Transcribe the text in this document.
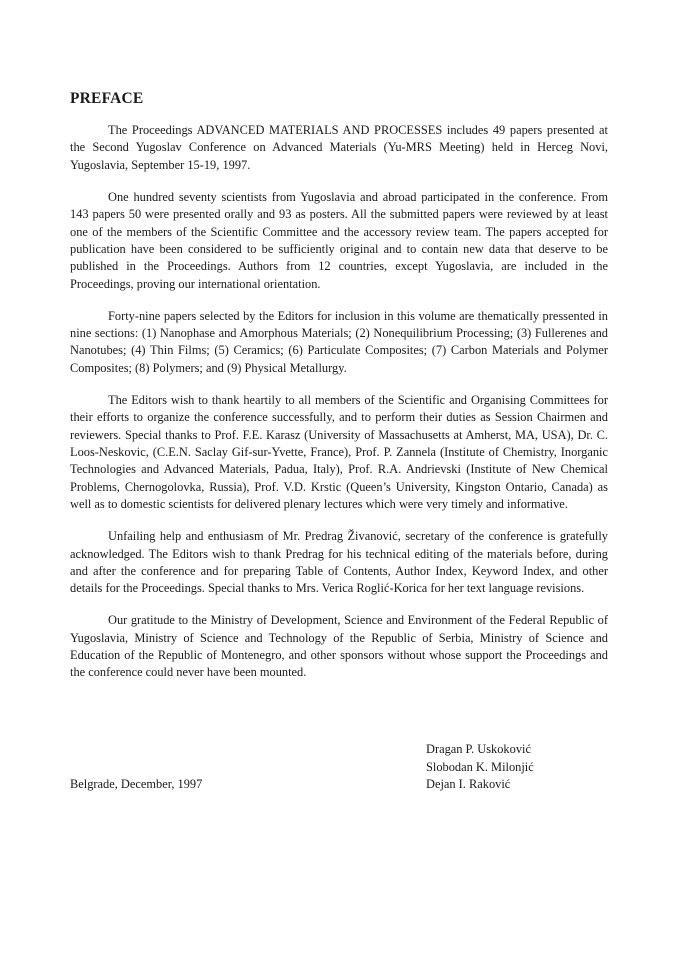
PREFACE

The Proceedings ADVANCED MATERIALS AND PROCESSES includes 49 papers presented at the Second Yugoslav Conference on Advanced Materials (Yu-MRS Meeting) held in Herceg Novi, Yugoslavia, September 15-19, 1997.

One hundred seventy scientists from Yugoslavia and abroad participated in the conference. From 143 papers 50 were presented orally and 93 as posters. All the submitted papers were reviewed by at least one of the members of the Scientific Committee and the accessory review team. The papers accepted for publication have been considered to be sufficiently original and to contain new data that deserve to be published in the Proceedings. Authors from 12 countries, except Yugoslavia, are included in the Proceedings, proving our international orientation.

Forty-nine papers selected by the Editors for inclusion in this volume are thematically pressented in nine sections: (1) Nanophase and Amorphous Materials; (2) Nonequilibrium Processing; (3) Fullerenes and Nanotubes; (4) Thin Films; (5) Ceramics; (6) Particulate Composites; (7) Carbon Materials and Polymer Composites; (8) Polymers; and (9) Physical Metallurgy.

The Editors wish to thank heartily to all members of the Scientific and Organising Committees for their efforts to organize the conference successfully, and to perform their duties as Session Chairmen and reviewers. Special thanks to Prof. F.E. Karasz (University of Massachusetts at Amherst, MA, USA), Dr. C. Loos-Neskovic, (C.E.N. Saclay Gif-sur-Yvette, France), Prof. P. Zannela (Institute of Chemistry, Inorganic Technologies and Advanced Materials, Padua, Italy), Prof. R.A. Andrievski (Institute of New Chemical Problems, Chernogolovka, Russia), Prof. V.D. Krstic (Queen’s University, Kingston Ontario, Canada) as well as to domestic scientists for delivered plenary lectures which were very timely and informative.

Unfailing help and enthusiasm of Mr. Predrag Živanović, secretary of the conference is gratefully acknowledged. The Editors wish to thank Predrag for his technical editing of the materials before, during and after the conference and for preparing Table of Contents, Author Index, Keyword Index, and other details for the Proceedings. Special thanks to Mrs. Verica Roglić-Korica for her text language revisions.

Our gratitude to the Ministry of Development, Science and Environment of the Federal Republic of Yugoslavia, Ministry of Science and Technology of the Republic of Serbia, Ministry of Science and Education of the Republic of Montenegro, and other sponsors without whose support the Proceedings and the conference could never have been mounted.

Dragan P. Uskoković
Slobodan K. Milonjić
Dejan I. Raković
Belgrade, December, 1997
